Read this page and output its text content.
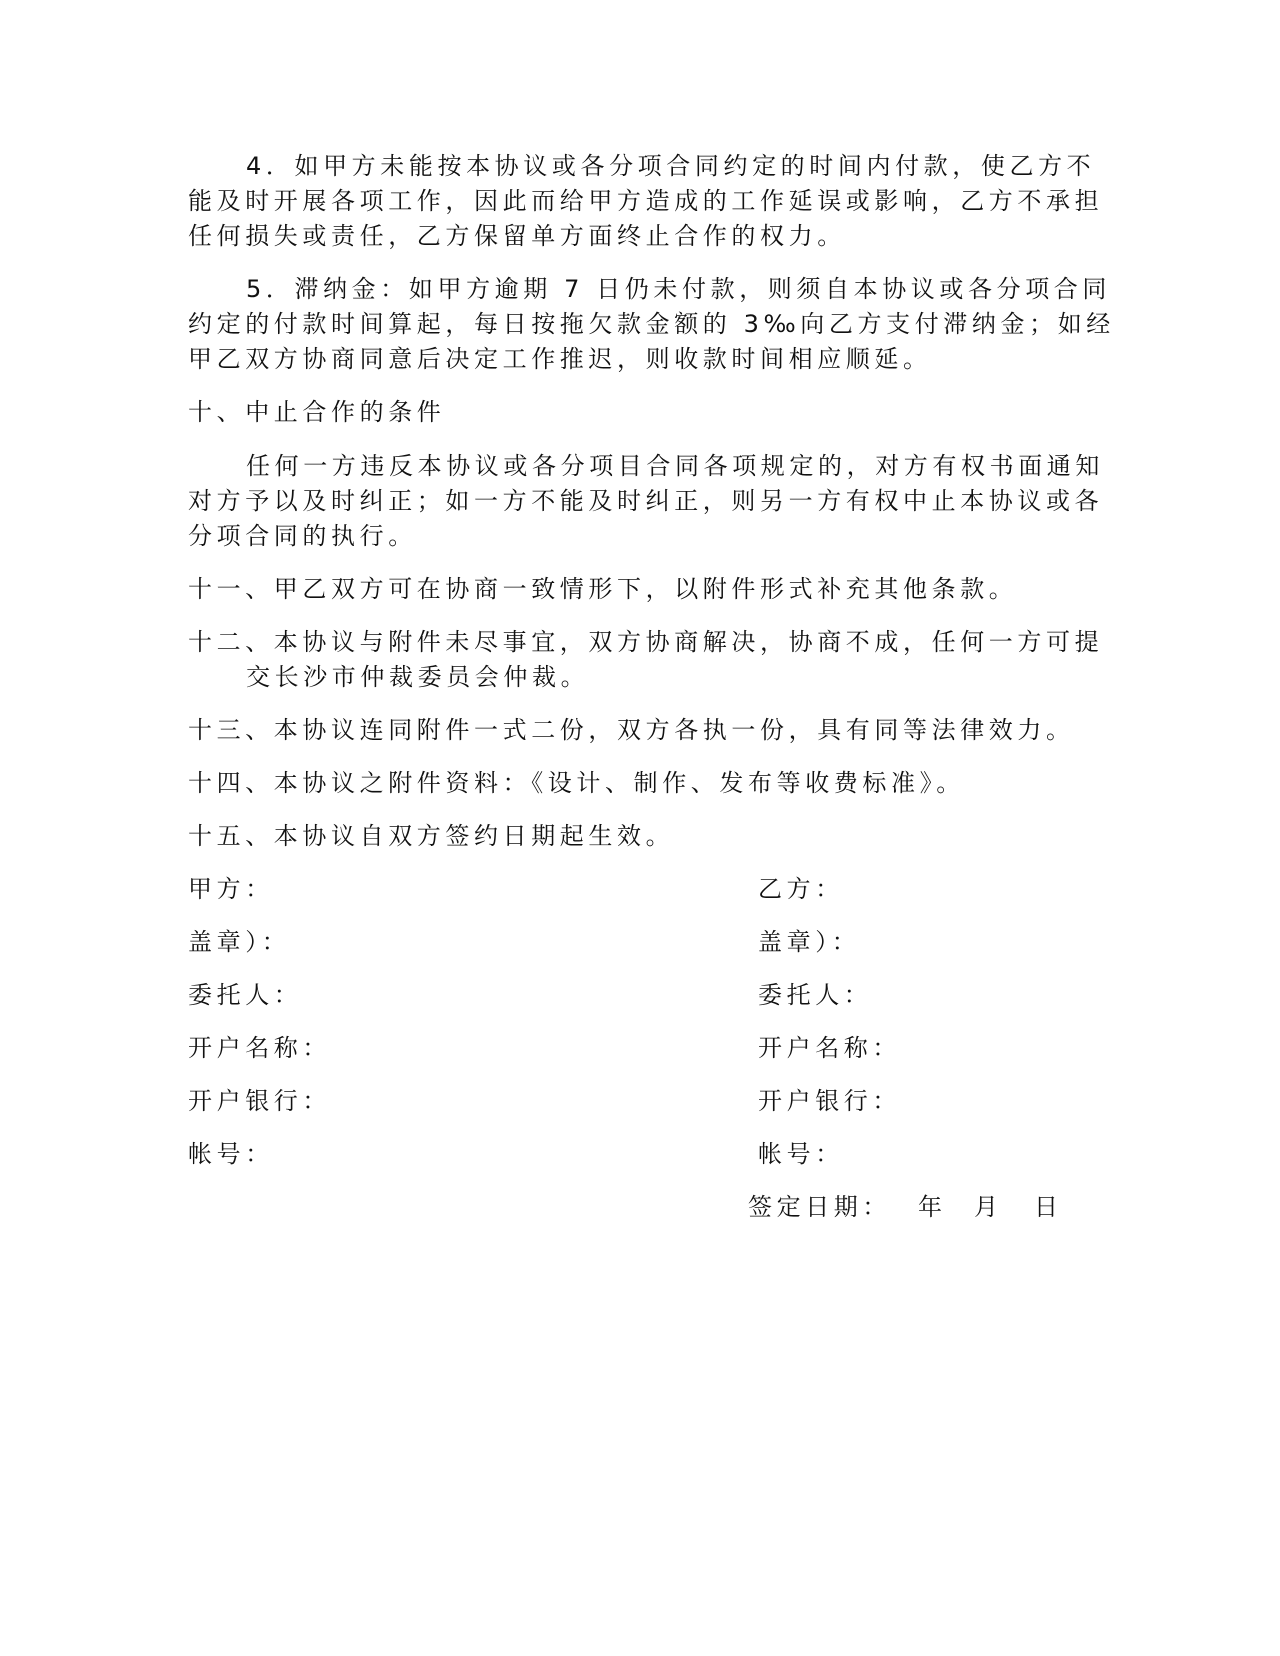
4．如甲方未能按本协议或各分项合同约定的时间内付款，使乙方不
能及时开展各项工作，因此而给甲方造成的工作延误或影响，乙方不承担
任何损失或责任，乙方保留单方面终止合作的权力。
5．滞纳金：如甲方逾期 7 日仍未付款，则须自本协议或各分项合同
约定的付款时间算起，每日按拖欠款金额的 3‰向乙方支付滞纳金；如经
甲乙双方协商同意后决定工作推迟，则收款时间相应顺延。
十、中止合作的条件
任何一方违反本协议或各分项目合同各项规定的，对方有权书面通知
对方予以及时纠正；如一方不能及时纠正，则另一方有权中止本协议或各
分项合同的执行。
十一、甲乙双方可在协商一致情形下，以附件形式补充其他条款。
十二、本协议与附件未尽事宜，双方协商解决，协商不成，任何一方可提
交长沙市仲裁委员会仲裁。
十三、本协议连同附件一式二份，双方各执一份，具有同等法律效力。
十四、本协议之附件资料：《设计、制作、发布等收费标准》。
十五、本协议自双方签约日期起生效。
甲方：
盖章）：
委托人：
开户名称：
开户银行：
帐号：
乙方：
盖章）：
委托人：
开户名称：
开户银行：
帐号：
签定日期： 年 月 日
